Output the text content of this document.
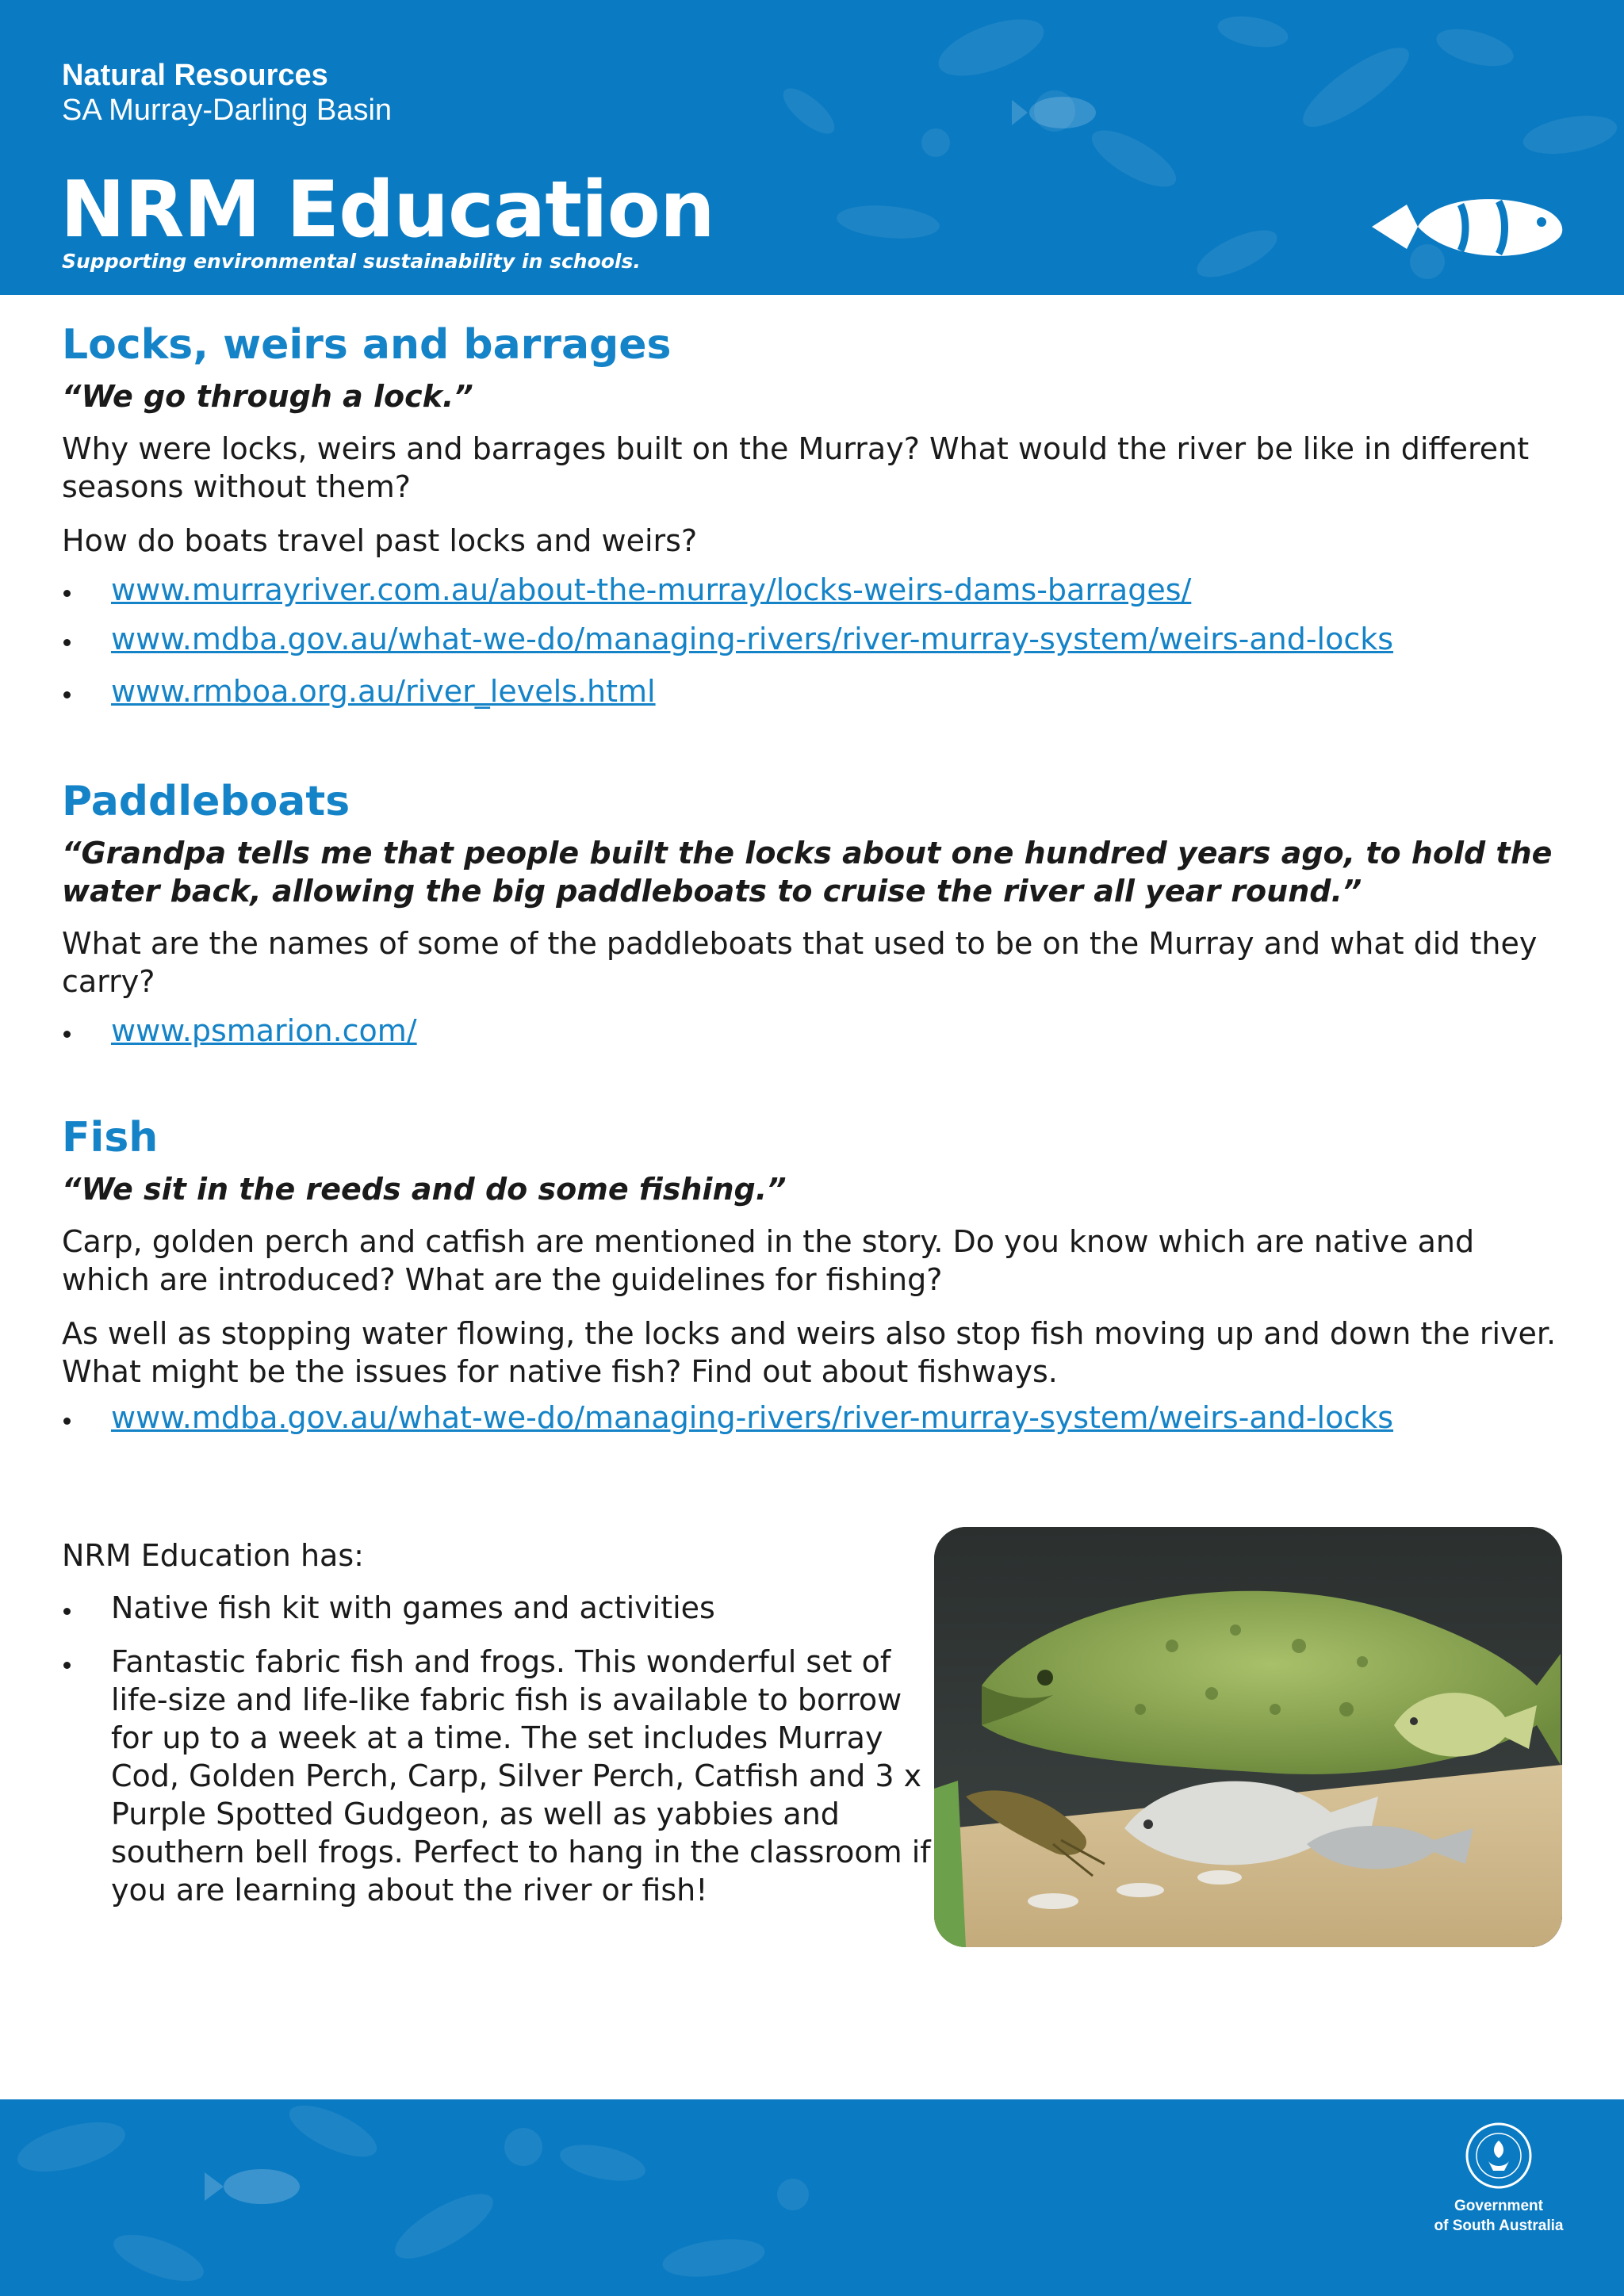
Natural Resources
SA Murray-Darling Basin
NRM Education
Supporting environmental sustainability in schools.
Locks, weirs and barrages

“We go through a lock.”

Why were locks, weirs and barrages built on the Murray? What would the river be like in different seasons without them?

How do boats travel past locks and weirs?

www.murrayriver.com.au/about-the-murray/locks-weirs-dams-barrages/
www.mdba.gov.au/what-we-do/managing-rivers/river-murray-system/weirs-and-locks
www.rmboa.org.au/river_levels.html
Paddleboats

“Grandpa tells me that people built the locks about one hundred years ago, to hold the water back, allowing the big paddleboats to cruise the river all year round.”

What are the names of some of the paddleboats that used to be on the Murray and what did they carry?

www.psmarion.com/
Fish

“We sit in the reeds and do some fishing.”

Carp, golden perch and catfish are mentioned in the story. Do you know which are native and which are introduced? What are the guidelines for fishing?

As well as stopping water flowing, the locks and weirs also stop fish moving up and down the river. What might be the issues for native fish? Find out about fishways.

www.mdba.gov.au/what-we-do/managing-rivers/river-murray-system/weirs-and-locks

NRM Education has:

Native fish kit with games and activities
Fantastic fabric fish and frogs. This wonderful set of life-size and life-like fabric fish is available to borrow for up to a week at a time. The set includes Murray Cod, Golden Perch, Carp, Silver Perch, Catfish and 3 x Purple Spotted Gudgeon, as well as yabbies and southern bell frogs. Perfect to hang in the classroom if you are learning about the river or fish!
Government
of South Australia
